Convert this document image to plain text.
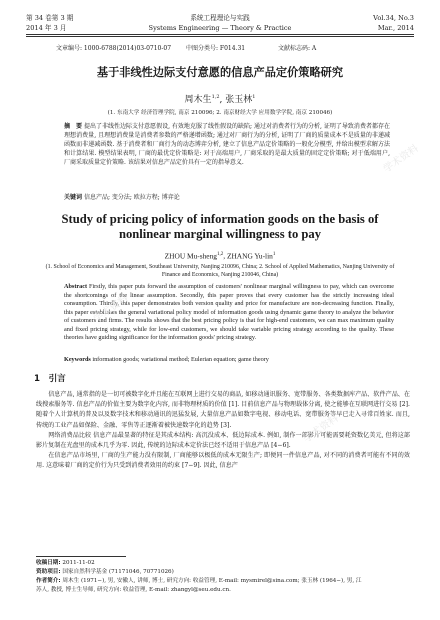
第 34 卷第 3 期	系统工程理论与实践	Vol.34, No.3
2014 年 3 月	Systems Engineering — Theory & Practice	Mar., 2014
文章编号: 1000-6788(2014)03-0710-07 中图分类号: F014.31	文献标志码: A
基于非线性边际支付意愿的信息产品定价策略研究
周木生$^{1,2}$, 张玉林$^1$
(1. 东南大学 经济管理学院, 南京 210096; 2. 南京财经大学 应用数学学院, 南京 210046)
摘　要 提出了非线性边际支付意愿假设, 有效地克服了线性假设的缺陷; 通过对消费者行为的分析, 证明了导致消费者都存在理想消费量, 且理想消费量是消费者参数的严格递增函数; 通过对厂商行为的分析, 证明了厂商的质量成本不是质量的非递减函数而非递减函数. 基于消费者和厂商行为的动态博弈分析, 建立了信息产品定价策略的一般化分模型, 并给出模型求解方法和计算结果. 模型结果表明, 厂商的最优定价策略是: 对于高端用户, 厂商采取的是最大质量的固定定价策略; 对于低端用户, 厂商采取质量定价策略. 该结果对信息产品定价具有一定的指导意义.
关键词 信息产品; 变分法; 欧拉方程; 博弈论
Study of pricing policy of information goods on the basis of
nonlinear marginal willingness to pay
ZHOU Mu-sheng$^{1,2}$, ZHANG Yu-lin$^1$
(1. School of Economics and Management, Southeast University, Nanjing 210096, China; 2. School of Applied Mathematics, Nanjing University of Finance and Economics, Nanjing 210046, China)
Abstract Firstly, this paper puts forward the assumption of customers' nonlinear marginal willingness to pay, which can overcome the shortcomings of the linear assumption. Secondly, this paper proves that every customer has the strictly increasing ideal consumption. Thirdly, this paper demonstrates both version quality and price for manufacture are non-decreasing function. Finally, this paper establishes the general variational policy model of information goods using dynamic game theory to analyze the behavior of customers and firms. The results shows that the best pricing policy is that for high-end customers, we can max maximum quality and fixed pricing strategy, while for low-end customers, we should take variable pricing strategy according to the quality. These theories have guiding significance for the information goods' pricing strategy.
Keywords information goods; variational method; Eulerian equation; game theory
1　引言

信息产品, 通常指的是一切可被数字化并且能在互联网上进行交易的商品, 如移动通讯服务、宽带服务、各类数据库产品、软件产品、在线搜索服务等. 信息产品的价值主要为数字化内容, 而非物理材质的价值 [1]. 目前信息产品与物理载体分离, 使之能够在互联网进行交易 [2]. 随着个人计算机的普及以及数字技术和移动通讯的迅猛发展, 大量信息产品如数字电视、移动电话、宽带服务等早已走入寻常百姓家. 而且, 传统的工业产品如保险、金融、零售等正逐渐着被快速数字化的趋势 [3].

网络消费品比较 信息产品最显著的特征是其成本结构: 高沉没成本、低边际成本. 例如, 制作一部影片可能需要耗资数亿美元, 但将这部影片复制在光盘里的成本几乎为零. 因此, 传统的边际成本定价法已经不适用于信息产品 [4−6].

在信息产品市场里, 厂商的生产能力没有限制, 厂商能够以极低的成本无限生产; 即便同一件信息产品, 对不同的消费者可能有不同的效用. 这意味着厂商的定价行为只受到消费者效用的约束 [7−9]. 因此, 信息产

收稿日期: 2011-11-02
资助项目: 国家自然科学基金 (71171046, 70771026)
作者简介: 周木生 (1971−), 男, 安徽人, 讲师, 博士, 研究方向: 收益管理, E-mail: mysmirel@sina.com; 张玉林 (1964−), 男, 江
苏人, 教授, 博士生导师, 研究方向: 收益管理, E-mail: zhangyl@seu.edu.cn.
学术资料
学术资料
学术资料
